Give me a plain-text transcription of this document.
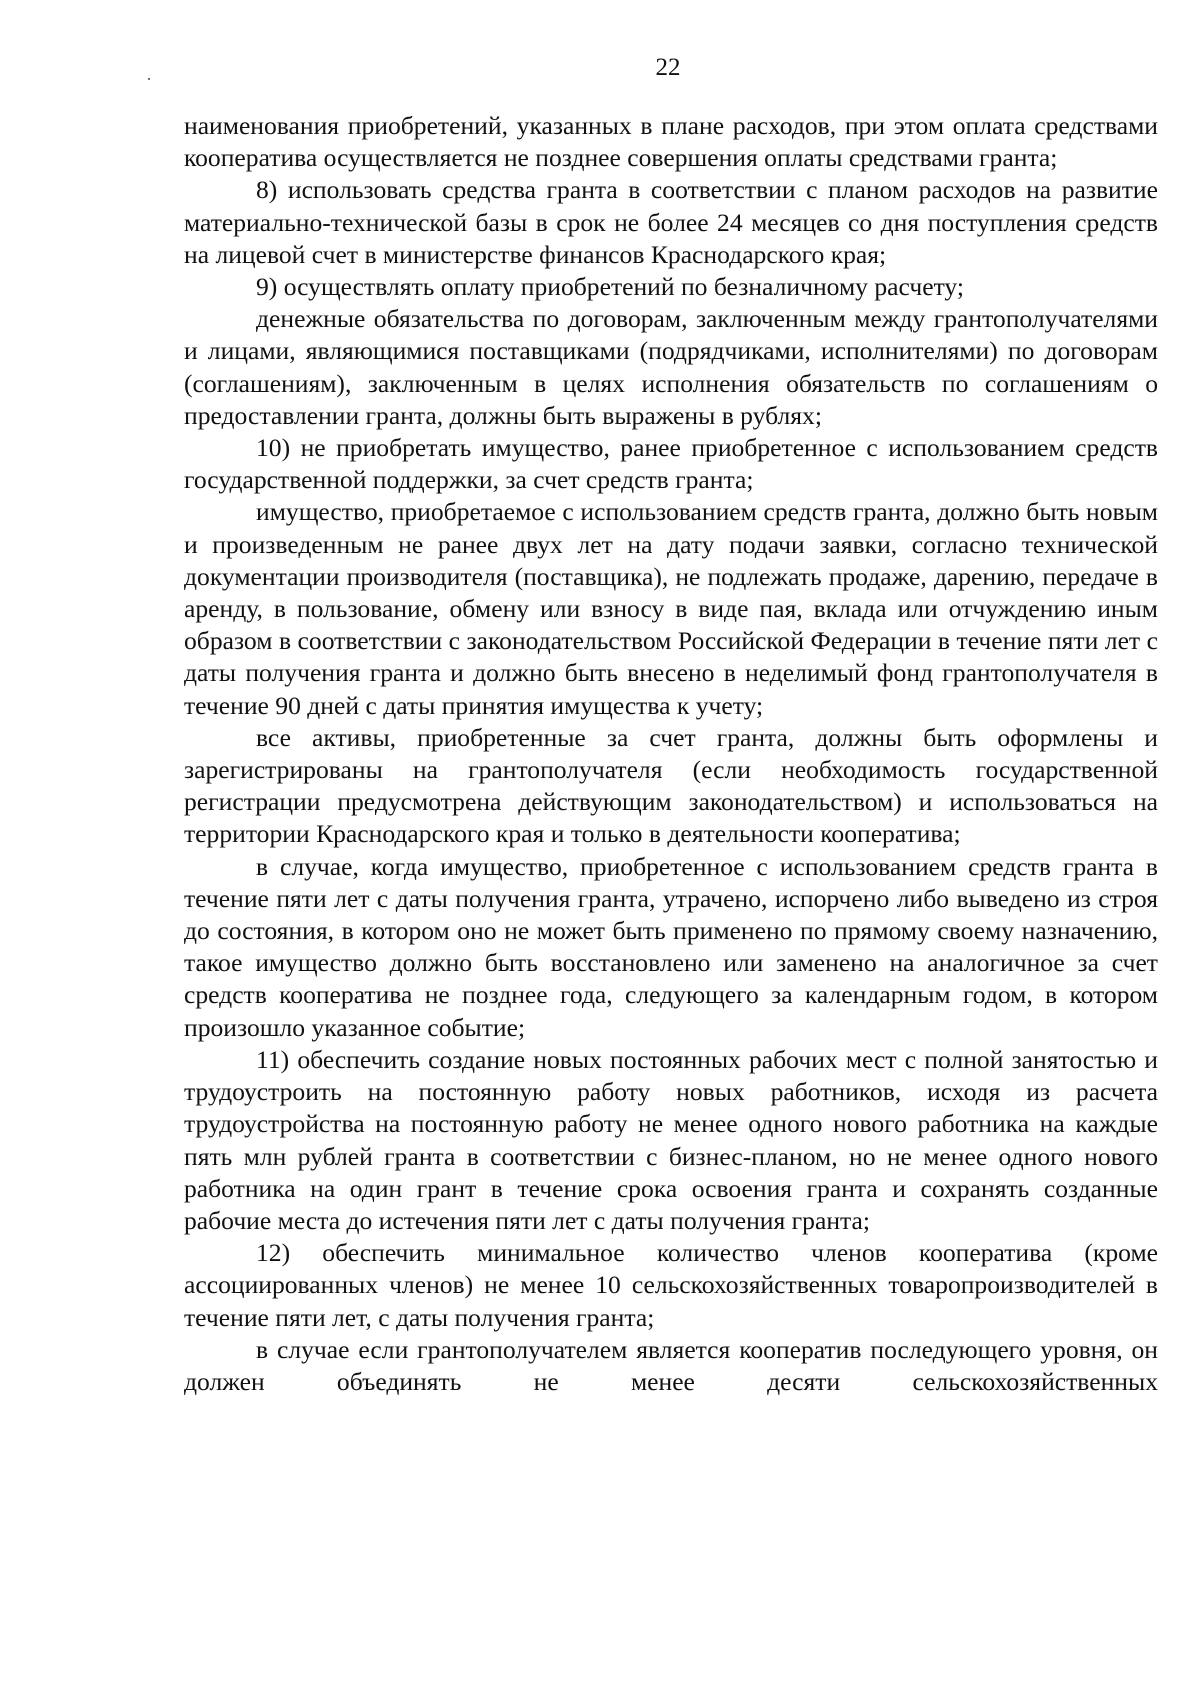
22

наименования приобретений, указанных в плане расходов, при этом оплата средствами кооператива осуществляется не позднее совершения оплаты средствами гранта;

8) использовать средства гранта в соответствии с планом расходов на развитие материально-технической базы в срок не более 24 месяцев со дня поступления средств на лицевой счет в министерстве финансов Краснодарского края;

9) осуществлять оплату приобретений по безналичному расчету;

денежные обязательства по договорам, заключенным между грантополучателями и лицами, являющимися поставщиками (подрядчиками, исполнителями) по договорам (соглашениям), заключенным в целях исполнения обязательств по соглашениям о предоставлении гранта, должны быть выражены в рублях;

10) не приобретать имущество, ранее приобретенное с использованием средств государственной поддержки, за счет средств гранта;

имущество, приобретаемое с использованием средств гранта, должно быть новым и произведенным не ранее двух лет на дату подачи заявки, согласно технической документации производителя (поставщика), не подлежать продаже, дарению, передаче в аренду, в пользование, обмену или взносу в виде пая, вклада или отчуждению иным образом в соответствии с законодательством Российской Федерации в течение пяти лет с даты получения гранта и должно быть внесено в неделимый фонд грантополучателя в течение 90 дней с даты принятия имущества к учету;

все активы, приобретенные за счет гранта, должны быть оформлены и зарегистрированы на грантополучателя (если необходимость государственной регистрации предусмотрена действующим законодательством) и использоваться на территории Краснодарского края и только в деятельности кооператива;

в случае, когда имущество, приобретенное с использованием средств гранта в течение пяти лет с даты получения гранта, утрачено, испорчено либо выведено из строя до состояния, в котором оно не может быть применено по прямому своему назначению, такое имущество должно быть восстановлено или заменено на аналогичное за счет средств кооператива не позднее года, следующего за календарным годом, в котором произошло указанное событие;

11) обеспечить создание новых постоянных рабочих мест с полной занятостью и трудоустроить на постоянную работу новых работников, исходя из расчета трудоустройства на постоянную работу не менее одного нового работника на каждые пять млн рублей гранта в соответствии с бизнес-планом, но не менее одного нового работника на один грант в течение срока освоения гранта и сохранять созданные рабочие места до истечения пяти лет с даты получения гранта;

12) обеспечить минимальное количество членов кооператива (кроме ассоциированных членов) не менее 10 сельскохозяйственных товаропроизводителей в течение пяти лет, с даты получения гранта;

в случае если грантополучателем является кооператив последующего уровня, он должен объединять не менее десяти сельскохозяйственных
